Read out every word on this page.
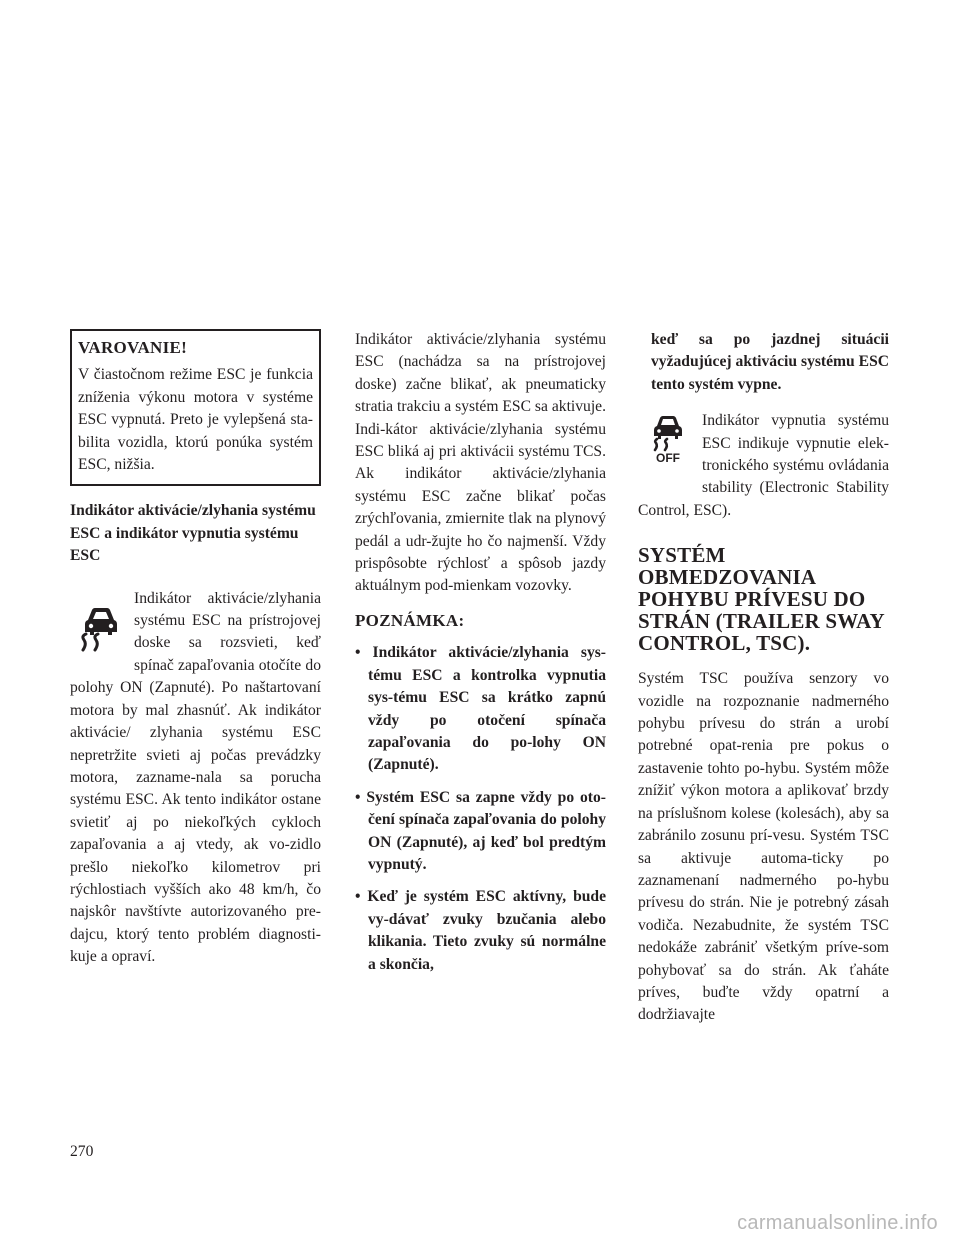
VAROVANIE!

V čiastočnom režime ESC je funkcia zníženia výkonu motora v systéme ESC vypnutá. Preto je vylepšená sta-bilita vozidla, ktorú ponúka systém ESC, nižšia.

Indikátor aktivácie/zlyhania systému ESC a indikátor vypnutia systému ESC

Indikátor aktivácie/zlyhania systému ESC na prístrojovej doske sa rozsvieti, keď spínač zapaľovania otočíte do polohy ON (Zapnuté). Po naštartovaní motora by mal zhasnúť. Ak indikátor aktivácie/ zlyhania systému ESC nepretržite svieti aj počas prevádzky motora, zazname-nala sa porucha systému ESC. Ak tento indikátor ostane svietiť aj po niekoľkých cykloch zapaľovania a aj vtedy, ak vo-zidlo prešlo niekoľko kilometrov pri rýchlostiach vyšších ako 48 km/h, čo najskôr navštívte autorizovaného pre-dajcu, ktorý tento problém diagnosti-kuje a opraví.

Indikátor aktivácie/zlyhania systému ESC (nachádza sa na prístrojovej doske) začne blikať, ak pneumaticky stratia trakciu a systém ESC sa aktivuje. Indi-kátor aktivácie/zlyhania systému ESC bliká aj pri aktivácii systému TCS. Ak indikátor aktivácie/zlyhania systému ESC začne blikať počas zrýchľovania, zmiernite tlak na plynový pedál a udr-žujte ho čo najmenší. Vždy prispôsobte rýchlosť a spôsob jazdy aktuálnym pod-mienkam vozovky.

POZNÁMKA:
• Indikátor aktivácie/zlyhania sys-tému ESC a kontrolka vypnutia sys-tému ESC sa krátko zapnú vždy po otočení spínača zapaľovania do po-lohy ON (Zapnuté).
• Systém ESC sa zapne vždy po oto-čení spínača zapaľovania do polohy ON (Zapnuté), aj keď bol predtým vypnutý.
• Keď je systém ESC aktívny, bude vy-dávať zvuky bzučania alebo klikania. Tieto zvuky sú normálne a skončia,

keď sa po jazdnej situácii vyžadujúcej aktiváciu systému ESC tento systém vypne.

OFF

Indikátor vypnutia systému ESC indikuje vypnutie elek-tronického systému ovládania stability (Electronic Stability Control, ESC).

SYSTÉM OBMEDZOVANIA POHYBU PRÍVESU DO STRÁN (TRAILER SWAY CONTROL, TSC).

Systém TSC používa senzory vo vozidle na rozpoznanie nadmerného pohybu prívesu do strán a urobí potrebné opat-renia pre pokus o zastavenie tohto po-hybu. Systém môže znížiť výkon motora a aplikovať brzdy na príslušnom kolese (kolesách), aby sa zabránilo zosunu prí-vesu. Systém TSC sa aktivuje automa-ticky po zaznamenaní nadmerného po-hybu prívesu do strán. Nie je potrebný zásah vodiča. Nezabudnite, že systém TSC nedokáže zabrániť všetkým príve-som pohybovať sa do strán. Ak ťaháte príves, buďte vždy opatrní a dodržiavajte

270
carmanualsonline.info
